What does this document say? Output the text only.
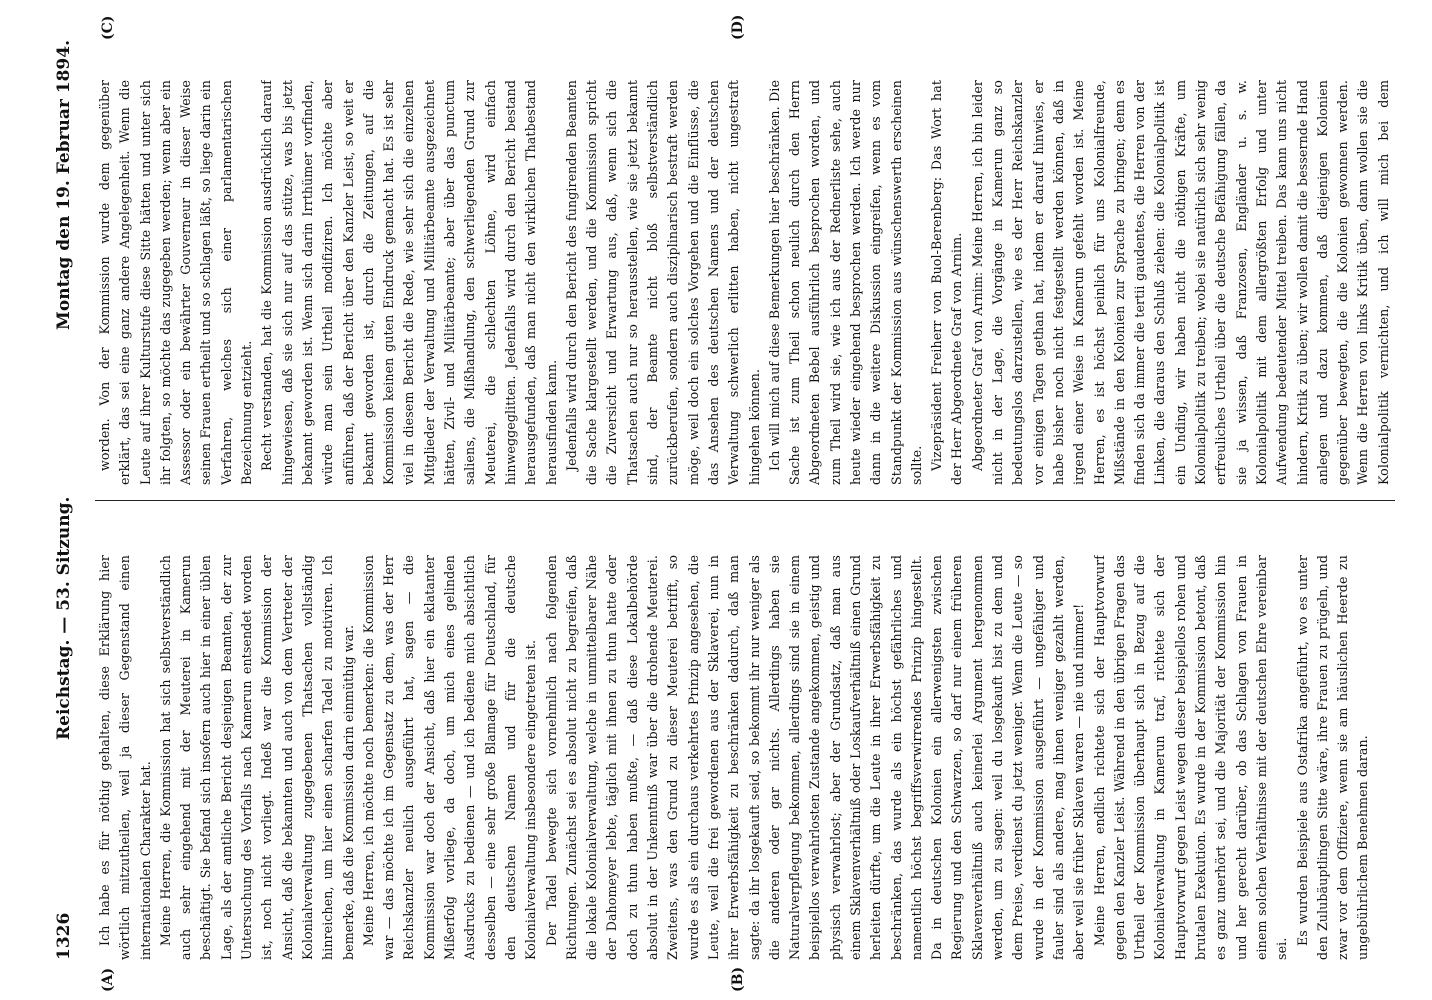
1326
Reichstag. — 53. Sitzung.
Montag den 19. Februar 1894.

Ich habe es für nöthig gehalten, diese Erklärung hier wörtlich mitzutheilen, weil ja dieser Gegenstand einen internationalen Charakter hat. Meine Herren, die Kommission hat sich selbstverständlich auch sehr eingehend mit der Meuterei in Kamerun beschäftigt. Sie befand sich insofern auch hier in einer üblen Lage, als der amtliche Bericht desjenigen Beamten, der zur Untersuchung des Vorfalls nach Kamerun entsendet worden ist, noch nicht vorliegt. Indeß war die Kommission der Ansicht, daß die bekannten und auch von dem Vertreter der Kolonialverwaltung zugegebenen Thatsachen vollständig hinreichen, um hier einen scharfen Tadel zu motiviren. Ich bemerke, daß die Kommission darin einmüthig war. Meine Herren, ich möchte noch bemerken: die Kommission war — das möchte ich im Gegensatz zu dem, was der Herr Reichskanzler neulich ausgeführt hat, sagen — die Kommission war doch der Ansicht, daß hier ein eklatanter Mißerfolg vorliege, da doch, um mich eines gelinden Ausdrucks zu bedienen — und ich bediene mich absichtlich desselben — eine sehr große Blamage für Deutschland, für den deutschen Namen und für die deutsche Kolonialverwaltung insbesondere eingetreten ist. Der Tadel bewegte sich vornehmlich nach folgenden Richtungen. Zunächst sei es absolut nicht zu begreifen, daß die lokale Kolonialverwaltung, welche in unmittelbarer Nähe der Dahomeyer lebte, täglich mit ihnen zu thun hatte oder doch zu thun haben mußte, — daß diese Lokalbehörde absolut in der Unkenntniß war über die drohende Meuterei. Zweitens, was den Grund zu dieser Meuterei betrifft, so wurde es als ein durchaus verkehrtes Prinzip angesehen, die Leute, weil die frei gewordenen aus der Sklaverei, nun in ihrer Erwerbsfähigkeit zu beschränken dadurch, daß man sagte: da ihr losgekauft seid, so bekommt ihr nur weniger als die anderen oder gar nichts. Allerdings haben sie Naturalverpflegung bekommen, allerdings sind sie in einem beispiellos verwahrlosten Zustande angekommen, geistig und physisch verwahrlost; aber der Grundsatz, daß man aus einem Sklavenverhältniß oder Loskaufverhältniß einen Grund herleiten dürfte, um die Leute in ihrer Erwerbsfähigkeit zu beschränken, das wurde als ein höchst gefährliches und namentlich höchst begriffsverwirrendes Prinzip hingestellt. Da in deutschen Kolonien ein allerwenigsten zwischen Regierung und den Schwarzen, so darf nur einem früheren Sklavenverhältniß auch keinerlei Argument hergenommen werden, um zu sagen: weil du losgekauft bist zu dem und dem Preise, verdienst du jetzt weniger. Wenn die Leute — so wurde in der Kommission ausgeführt — ungefähiger und fauler sind als andere, mag ihnen weniger gezahlt werden, aber weil sie früher Sklaven waren — nie und nimmer! Meine Herren, endlich richtete sich der Hauptvorwurf gegen den Kanzler Leist. Während in den übrigen Fragen das Urtheil der Kommission überhaupt sich in Bezug auf die Kolonialverwaltung in Kamerun traf, richtete sich der Hauptvorwurf gegen Leist wegen dieser beispiellos rohen und brutalen Exekution. Es wurde in der Kommission betont, daß es ganz unerhört sei, und die Majorität der Kommission hin und her gerecht darüber, ob das Schlagen von Frauen in einem solchen Verhältnisse mit der deutschen Ehre vereinbar sei.

Es wurden Beispiele aus Ostafrika angeführt, wo es unter den Zulubäuptlingen Sitte wäre, ihre Frauen zu prügeln, und zwar vor dem Offiziere, wenn sie am häuslichen Heerde zu ungebührlichem Benehmen daran.

worden. Von der Kommission wurde dem gegenüber erklärt, das sei eine ganz andere Angelegenheit. Wenn die Leute auf ihrer Kulturstufe diese Sitte hätten und unter sich ihr folgten, so möchte das zugegeben werden; wenn aber ein Assessor oder ein bewährter Gouverneur in dieser Weise seinen Frauen ertheilt und so schlagen läßt, so liege darin ein Verfahren, welches sich einer parlamentarischen Bezeichnung entzieht. Recht verstanden, hat die Kommission ausdrücklich darauf hingewiesen, daß sie sich nur auf das stütze, was bis jetzt bekannt geworden ist. Wenn sich darin Irrthümer vorfinden, würde man sein Urtheil modifiziren. Ich möchte aber anführen, daß der Bericht über den Kanzler Leist, so weit er bekannt geworden ist, durch die Zeitungen, auf die Kommission keinen guten Eindruck gemacht hat. Es ist sehr viel in diesem Bericht die Rede, wie sehr sich die einzelnen Mitglieder der Verwaltung und Militärbeamte ausgezeichnet hätten, Zivil- und Militärbeamte; aber über das punctum saliens, die Mißhandlung, den schwerliegenden Grund zur Meuterei, die schlechten Löhne, wird einfach hinweggeglitten. Jedenfalls wird durch den Bericht bestand herausgefunden, daß man nicht den wirklichen Thatbestand herausfinden kann. Jedenfalls wird durch den Bericht des fungirenden Beamten die Sache klargestellt werden, und die Kommission spricht die Zuversicht und Erwartung aus, daß, wenn sich die Thatsachen auch nur so herausstellen, wie sie jetzt bekannt sind, der Beamte nicht bloß selbstverständlich zurückberufen, sondern auch disziplinarisch bestraft werden möge, weil doch ein solches Vorgehen und die Einflüsse, die das Ansehen des deutschen Namens und der deutschen Verwaltung schwerlich erlitten haben, nicht ungestraft hingehen können. Ich will mich auf diese Bemerkungen hier beschränken. Die Sache ist zum Theil schon neulich durch den Herrn Abgeordneten Bebel ausführlich besprochen worden, und zum Theil wird sie, wie ich aus der Rednerliste sehe, auch heute wieder eingehend besprochen werden. Ich werde nur dann in die weitere Diskussion eingreifen, wenn es vom Standpunkt der Kommission aus wünschenswerth erscheinen sollte. Vizepräsident Freiherr von Buol-Berenberg: Das Wort hat der Herr Abgeordnete Graf von Arnim. Abgeordneter Graf von Arnim: Meine Herren, ich bin leider nicht in der Lage, die Vorgänge in Kamerun ganz so bedeutungslos darzustellen, wie es der Herr Reichskanzler vor einigen Tagen gethan hat, indem er darauf hinwies, er habe bisher noch nicht festgestellt werden können, daß in irgend einer Weise in Kamerun gefehlt worden ist. Meine Herren, es ist höchst peinlich für uns Kolonialfreunde, Mißstände in den Kolonien zur Sprache zu bringen; denn es finden sich da immer die tertii gaudentes, die Herren von der Linken, die daraus den Schluß ziehen: die Kolonialpolitik ist ein Unding, wir haben nicht die nöthigen Kräfte, um Kolonialpolitik zu treiben; wobei sie natürlich sich sehr wenig erfreuliches Urtheil über die deutsche Befähigung fällen, da sie ja wissen, daß Franzosen, Engländer u. s. w. Kolonialpolitik mit dem allergrößten Erfolg und unter Aufwendung bedeutender Mittel treiben. Das kann uns nicht hindern, Kritik zu üben; wir wollen damit die bessernde Hand anlegen und dazu kommen, daß diejenigen Kolonien gegenüber bewegten, die die Kolonien gewonnen werden. Wenn die Herren von links Kritik üben, dann wollen sie die Kolonialpolitik vernichten, und ich will mich bei dem

(A)	(B)
(C)	(D)
